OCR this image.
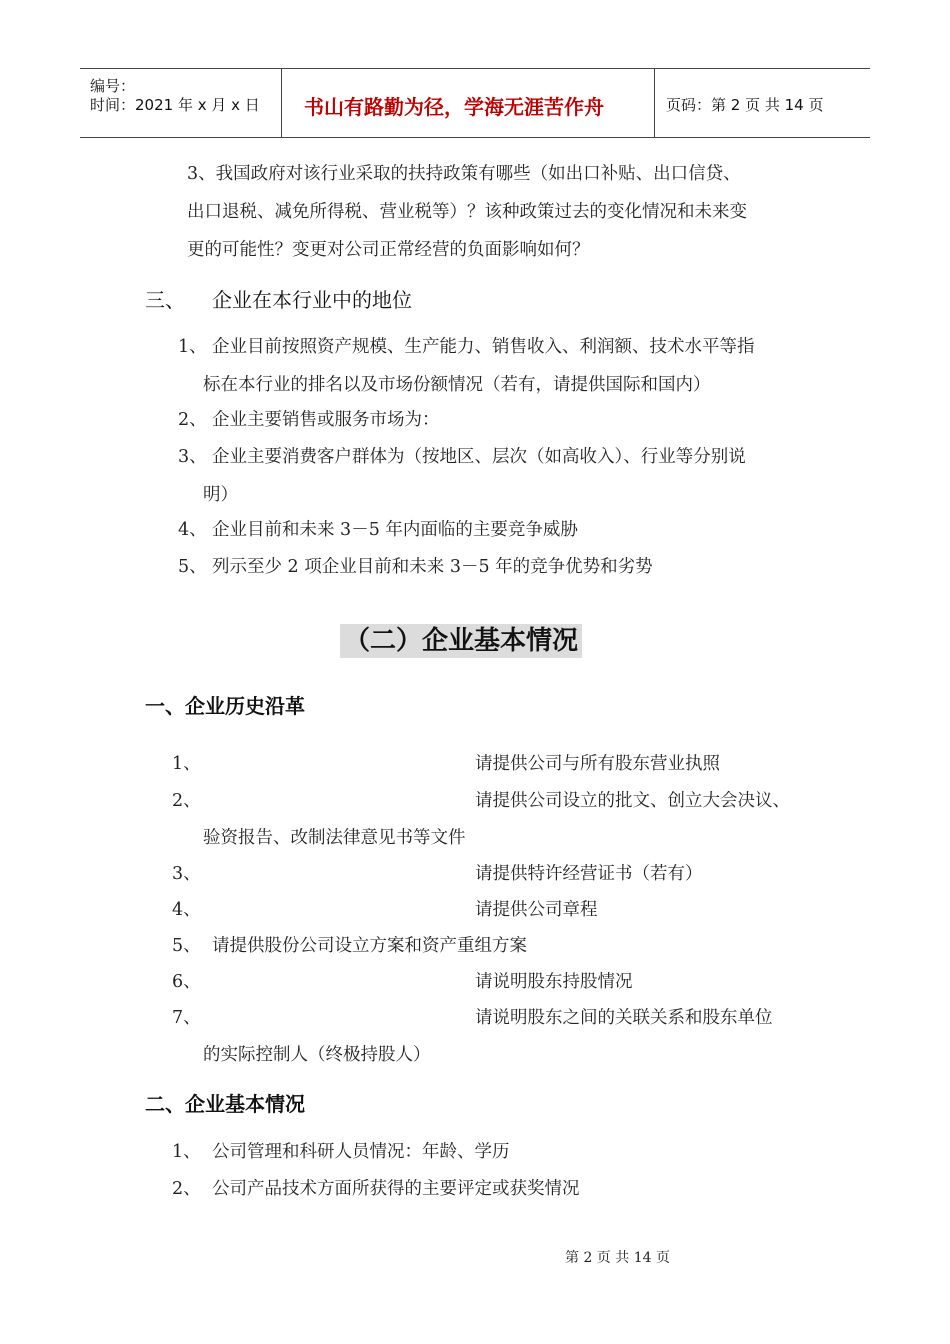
编号：
时间：2021 年 x 月 x 日 书山有路勤为径，学海无涯苦作舟	页码：第 2 页 共 14 页
3、我国政府对该行业采取的扶持政策有哪些（如出口补贴、出口信贷、
出口退税、减免所得税、营业税等）？该种政策过去的变化情况和未来变
更的可能性？变更对公司正常经营的负面影响如何？
三、 企业在本行业中的地位
1、 企业目前按照资产规模、生产能力、销售收入、利润额、技术水平等指
标在本行业的排名以及市场份额情况（若有，请提供国际和国内）
2、 企业主要销售或服务市场为：
3、 企业主要消费客户群体为（按地区、层次（如高收入）、行业等分别说
明）
4、 企业目前和未来 3－5 年内面临的主要竞争威胁
5、 列示至少 2 项企业目前和未来 3－5 年的竞争优势和劣势
（二）企业基本情况
一、企业历史沿革
1、	请提供公司与所有股东营业执照
2、	请提供公司设立的批文、创立大会决议、
验资报告、改制法律意见书等文件
3、	请提供特许经营证书（若有）
4、	请提供公司章程
5、 请提供股份公司设立方案和资产重组方案
6、	请说明股东持股情况
7、	请说明股东之间的关联关系和股东单位
的实际控制人（终极持股人）
二、企业基本情况
1、 公司管理和科研人员情况：年龄、学历
2、 公司产品技术方面所获得的主要评定或获奖情况
第 2 页 共 14 页
